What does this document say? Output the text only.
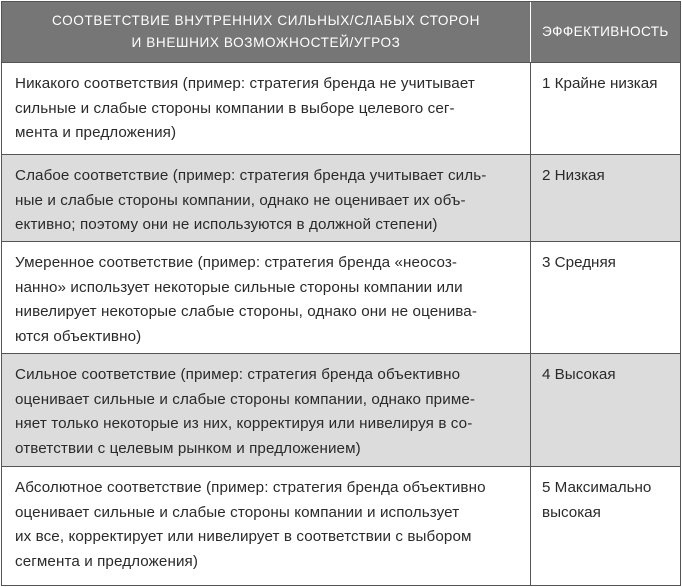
СООТВЕТСТВИЕ ВНУТРЕННИХ СИЛЬНЫХ/СЛАБЫХ СТОРОН
И ВНЕШНИХ ВОЗМОЖНОСТЕЙ/УГРОЗ
ЭФФЕКТИВНОСТЬ
Никакого соответствия (пример: стратегия бренда не учитывает
сильные и слабые стороны компании в выборе целевого сег-
мента и предложения)
1 Крайне низкая
Слабое соответствие (пример: стратегия бренда учитывает силь-
ные и слабые стороны компании, однако не оценивает их объ-
ективно; поэтому они не используются в должной степени)
2 Низкая
Умеренное соответствие (пример: стратегия бренда «неосоз-
нанно» использует некоторые сильные стороны компании или
нивелирует некоторые слабые стороны, однако они не оценива-
ются объективно)
3 Средняя
Сильное соответствие (пример: стратегия бренда объективно
оценивает сильные и слабые стороны компании, однако приме-
няет только некоторые из них, корректируя или нивелируя в со-
ответствии с целевым рынком и предложением)
4 Высокая
Абсолютное соответствие (пример: стратегия бренда объективно
оценивает сильные и слабые стороны компании и использует
их все, корректирует или нивелирует в соответствии с выбором
сегмента и предложения)
5 Максимально
высокая
